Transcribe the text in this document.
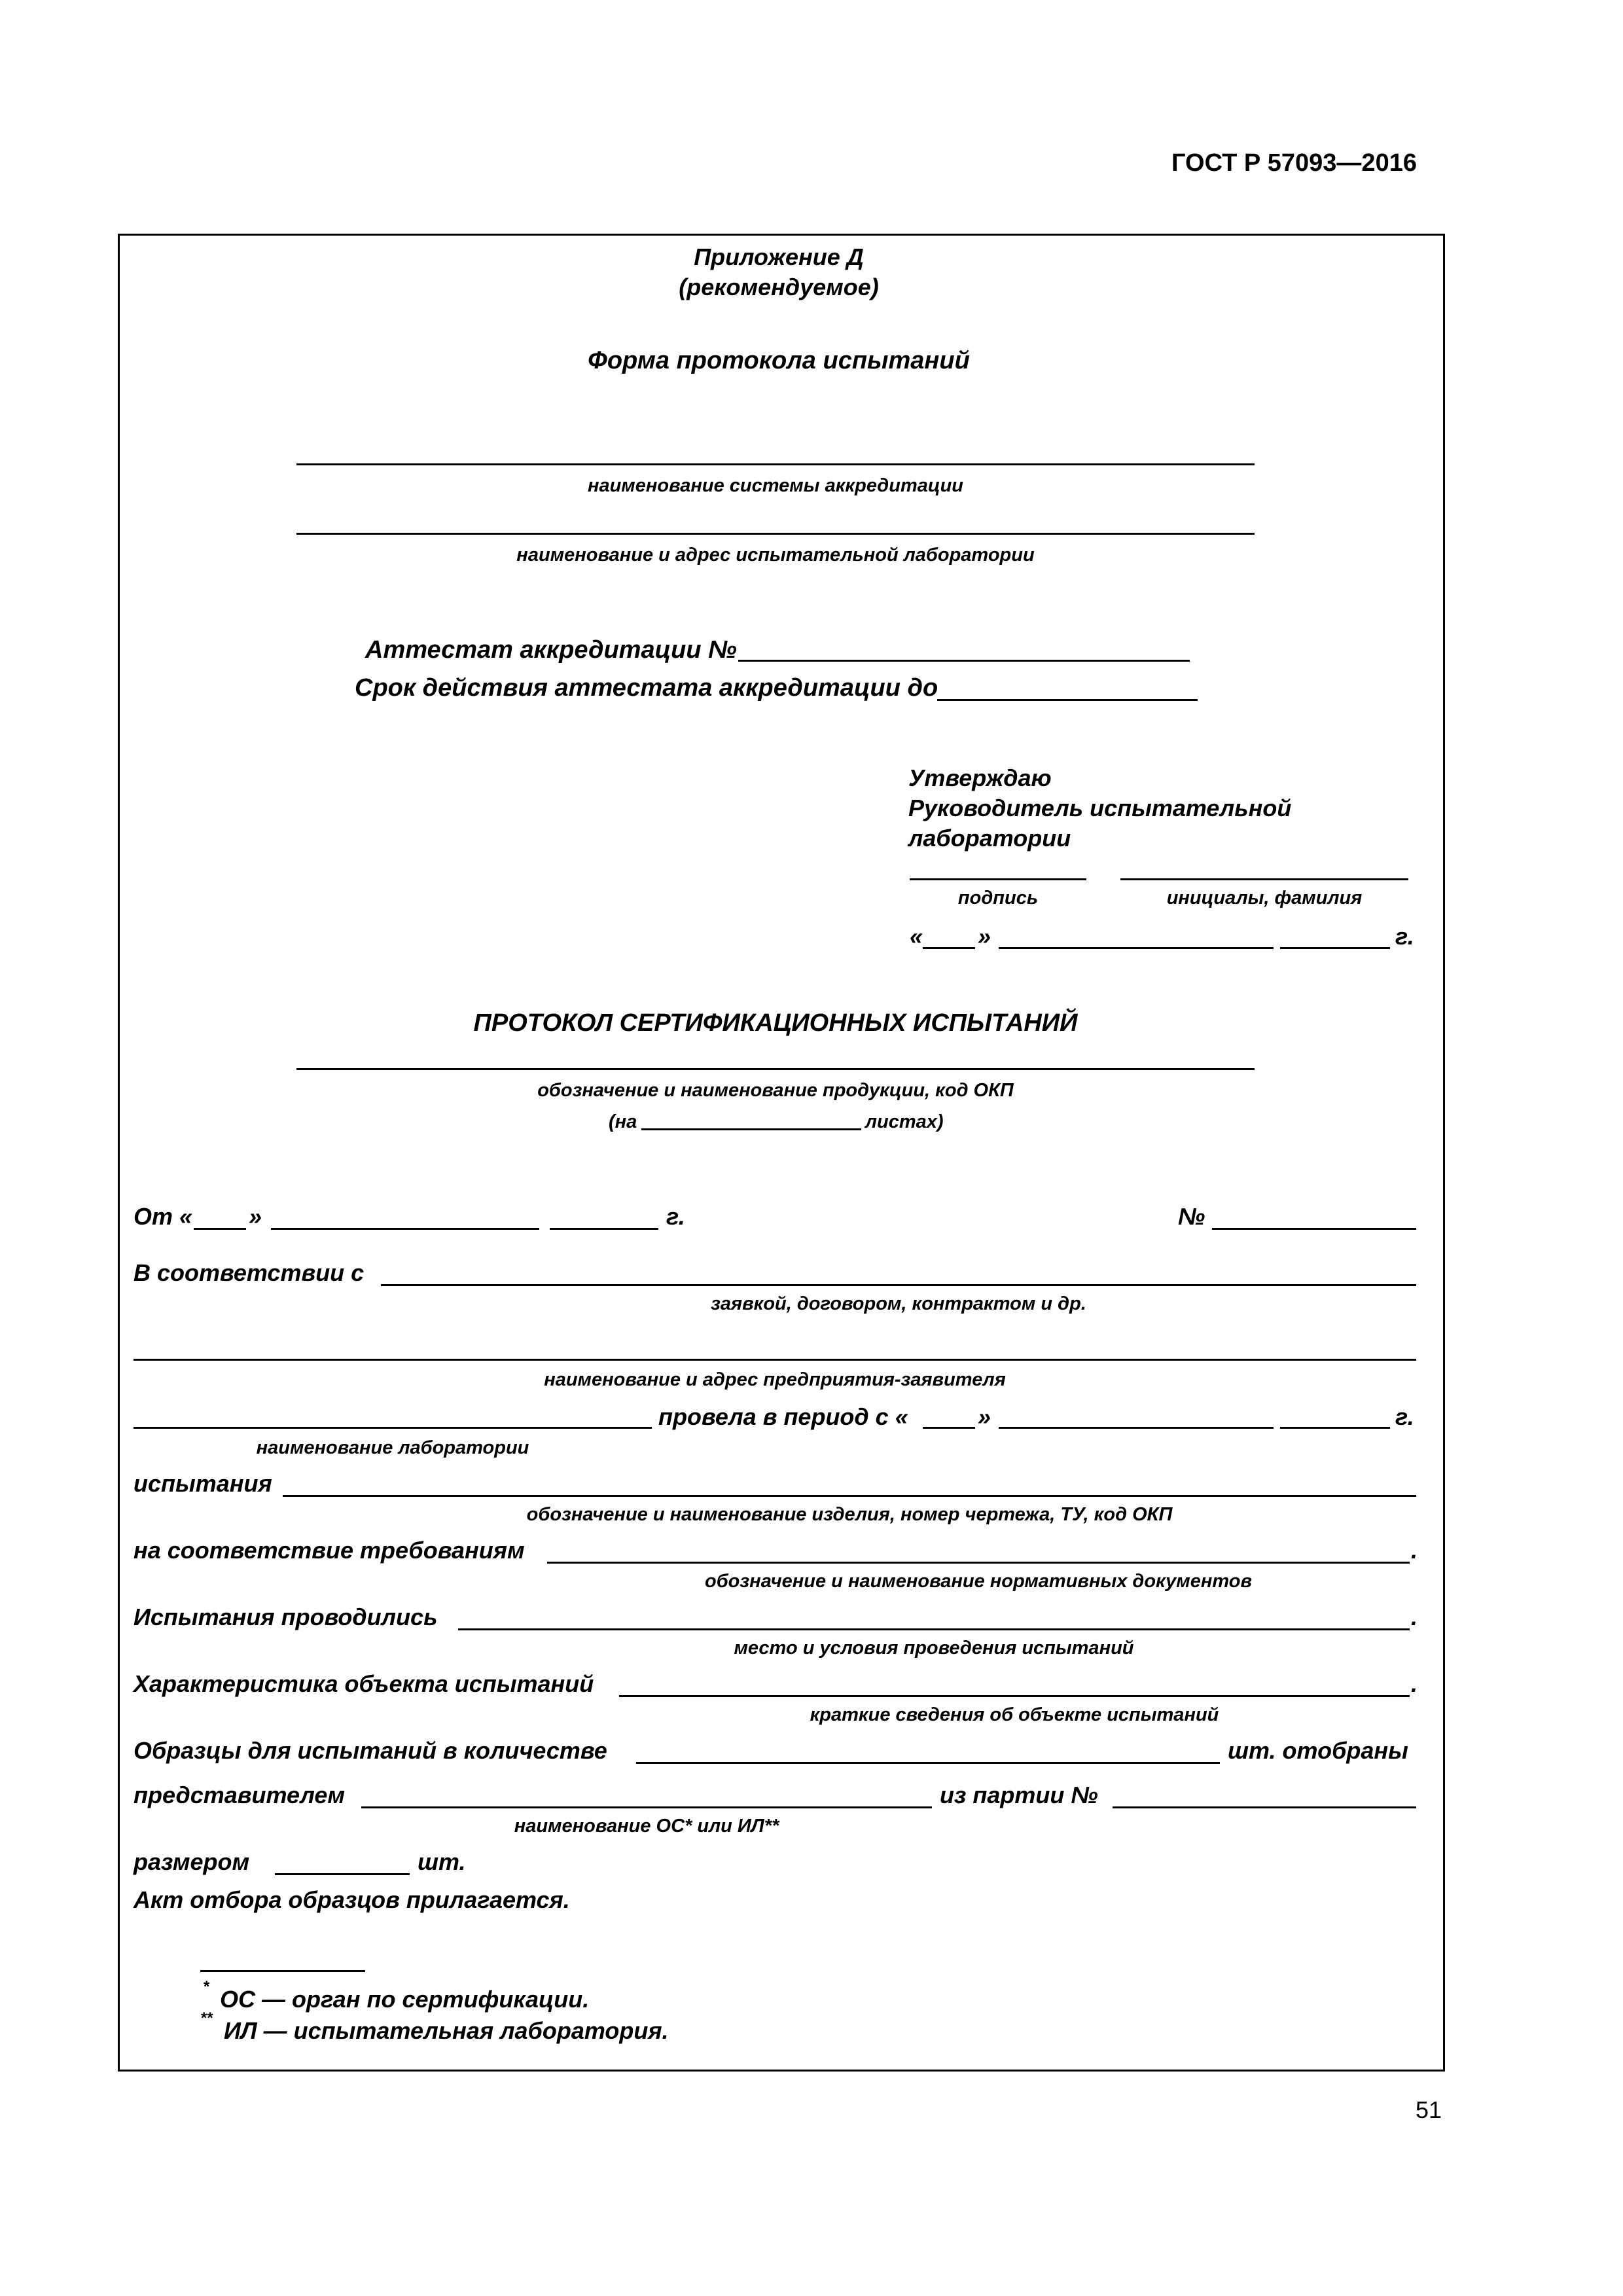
ГОСТ Р 57093—2016
Приложение Д
(рекомендуемое)
Форма протокола испытаний
наименование системы аккредитации
наименование и адрес испытательной лаборатории
Аттестат аккредитации №
Срок действия аттестата аккредитации до
Утверждаю
Руководитель испытательной
лаборатории
подпись	инициалы, фамилия
« »	г.
ПРОТОКОЛ СЕРТИФИКАЦИОННЫХ ИСПЫТАНИЙ
обозначение и наименование продукции, код ОКП
(на	листах)
От « »	г.	№
В соответствии с
заявкой, договором, контрактом и др.
наименование и адрес предприятия-заявителя
провела в период с «	»	г.
наименование лаборатории
испытания
обозначение и наименование изделия, номер чертежа, ТУ, код ОКП
на соответствие требованиям	.
обозначение и наименование нормативных документов
Испытания проводились	.
место и условия проведения испытаний
Характеристика объекта испытаний	.
краткие сведения об объекте испытаний
Образцы для испытаний в количестве	шт. отобраны
представителем	из партии №
наименование ОС* или ИЛ**
размером	шт.
Акт отбора образцов прилагается.
* ОС — орган по сертификации.
** ИЛ — испытательная лаборатория.
51
